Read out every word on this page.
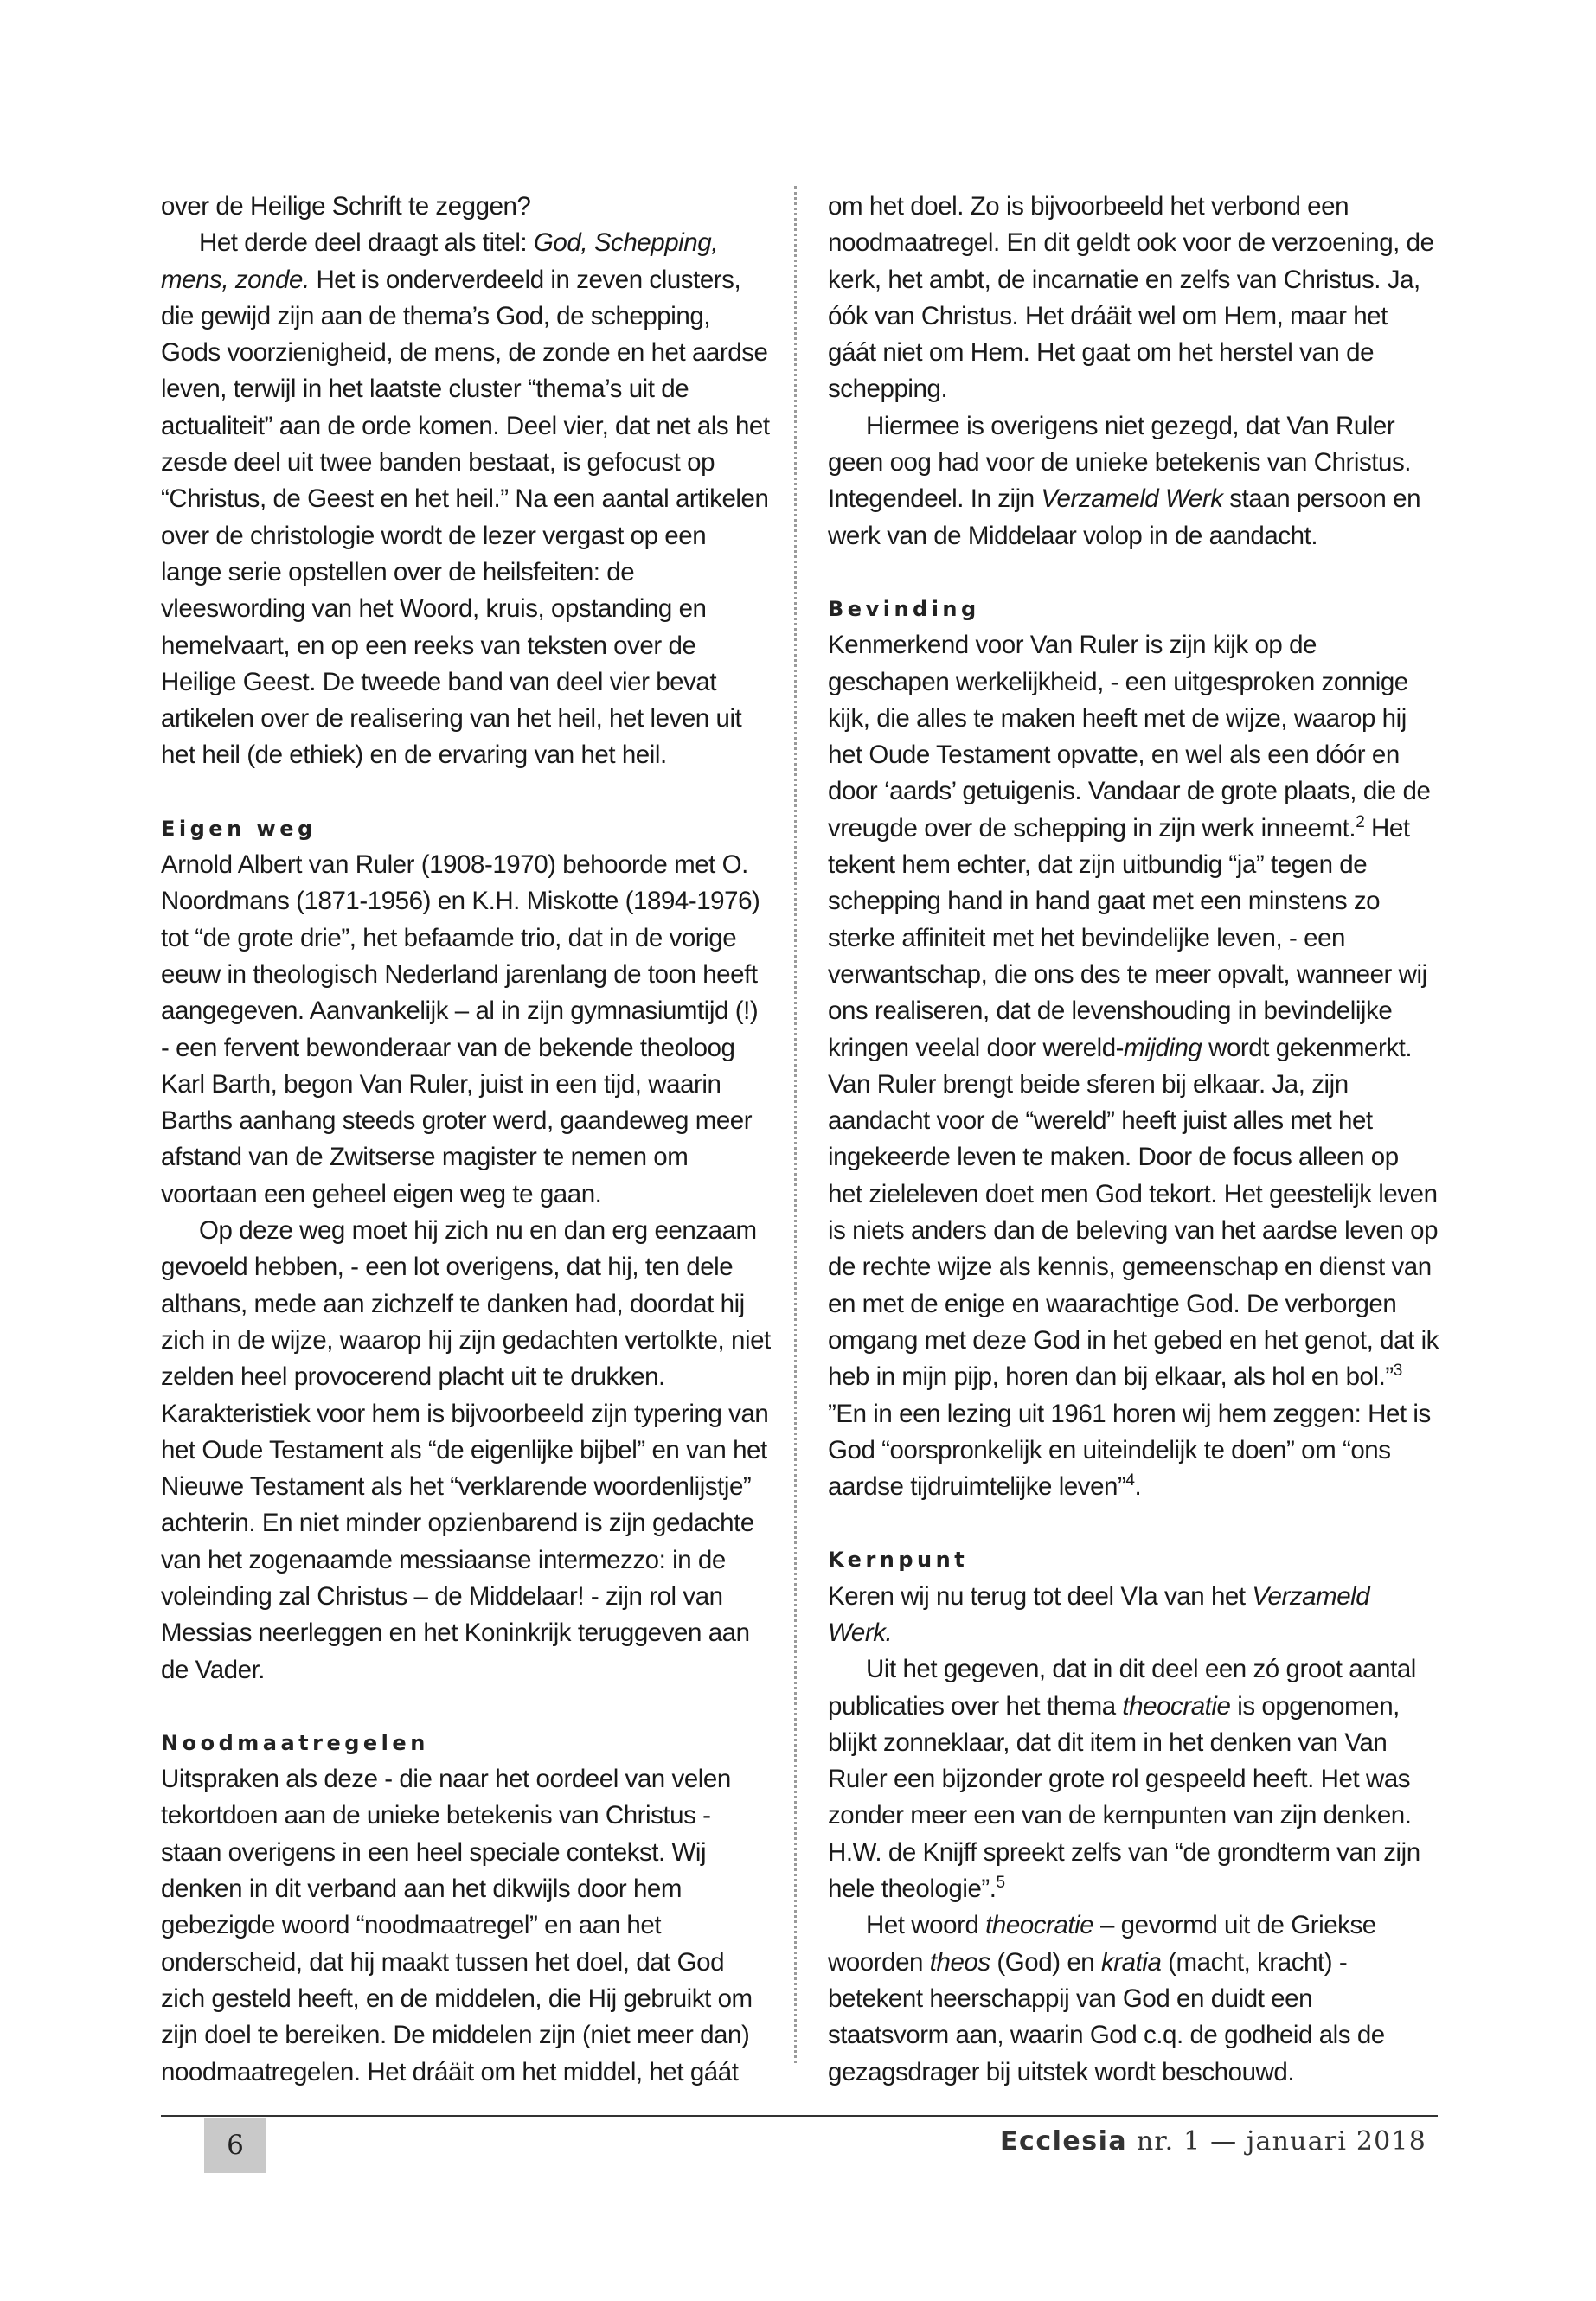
over de Heilige Schrift te zeggen?

Het derde deel draagt als titel: God, Schepping, mens, zonde. Het is onderverdeeld in zeven clusters, die gewijd zijn aan de thema’s God, de schepping, Gods voorzienigheid, de mens, de zonde en het aardse leven, terwijl in het laatste cluster “thema’s uit de actualiteit” aan de orde komen. Deel vier, dat net als het zesde deel uit twee banden bestaat, is gefocust op “Christus, de Geest en het heil.” Na een aantal artikelen over de christologie wordt de lezer vergast op een lange serie opstellen over de heilsfeiten: de vleeswording van het Woord, kruis, opstanding en hemelvaart, en op een reeks van teksten over de Heilige Geest. De tweede band van deel vier bevat artikelen over de realisering van het heil, het leven uit het heil (de ethiek) en de ervaring van het heil.

Eigen weg

Arnold Albert van Ruler (1908-1970) behoorde met O. Noordmans (1871-1956) en K.H. Miskotte (1894-1976) tot “de grote drie”, het befaamde trio, dat in de vorige eeuw in theologisch Nederland jarenlang de toon heeft aangegeven. Aanvankelijk – al in zijn gymnasiumtijd (!) - een fervent bewonderaar van de bekende theoloog Karl Barth, begon Van Ruler, juist in een tijd, waarin Barths aanhang steeds groter werd, gaandeweg meer afstand van de Zwitserse magister te nemen om voortaan een geheel eigen weg te gaan.

Op deze weg moet hij zich nu en dan erg eenzaam gevoeld hebben, - een lot overigens, dat hij, ten dele althans, mede aan zichzelf te danken had, doordat hij zich in de wijze, waarop hij zijn gedachten vertolkte, niet zelden heel provocerend placht uit te drukken. Karakteristiek voor hem is bijvoorbeeld zijn typering van het Oude Testament als “de eigenlijke bijbel” en van het Nieuwe Testament als het “verklarende woordenlijstje” achterin. En niet minder opzienbarend is zijn gedachte van het zogenaamde messiaanse intermezzo: in de voleinding zal Christus – de Middelaar! - zijn rol van Messias neerleggen en het Koninkrijk teruggeven aan de Vader.

Noodmaatregelen

Uitspraken als deze - die naar het oordeel van velen tekortdoen aan de unieke betekenis van Christus - staan overigens in een heel speciale contekst. Wij denken in dit verband aan het dikwijls door hem gebezigde woord “noodmaatregel” en aan het onderscheid, dat hij maakt tussen het doel, dat God zich gesteld heeft, en de middelen, die Hij gebruikt om zijn doel te bereiken. De middelen zijn (niet meer dan) noodmaatregelen. Het dráäit om het middel, het gáát

om het doel. Zo is bijvoorbeeld het verbond een noodmaatregel. En dit geldt ook voor de verzoening, de kerk, het ambt, de incarnatie en zelfs van Christus. Ja, óók van Christus. Het dráäit wel om Hem, maar het gáát niet om Hem. Het gaat om het herstel van de schepping.

Hiermee is overigens niet gezegd, dat Van Ruler geen oog had voor de unieke betekenis van Christus. Integendeel. In zijn Verzameld Werk staan persoon en werk van de Middelaar volop in de aandacht.

Bevinding

Kenmerkend voor Van Ruler is zijn kijk op de geschapen werkelijkheid, - een uitgesproken zonnige kijk, die alles te maken heeft met de wijze, waarop hij het Oude Testament opvatte, en wel als een dóór en door ‘aards’ getuigenis. Vandaar de grote plaats, die de vreugde over de schepping in zijn werk inneemt.$^2$ Het tekent hem echter, dat zijn uitbundig “ja” tegen de schepping hand in hand gaat met een minstens zo sterke affiniteit met het bevindelijke leven, - een verwantschap, die ons des te meer opvalt, wanneer wij ons realiseren, dat de levenshouding in bevindelijke kringen veelal door wereld-mijding wordt gekenmerkt. Van Ruler brengt beide sferen bij elkaar. Ja, zijn aandacht voor de “wereld” heeft juist alles met het ingekeerde leven te maken. Door de focus alleen op het zieleleven doet men God tekort. Het geestelijk leven is niets anders dan de beleving van het aardse leven op de rechte wijze als kennis, gemeenschap en dienst van en met de enige en waarachtige God. De verborgen omgang met deze God in het gebed en het genot, dat ik heb in mijn pijp, horen dan bij elkaar, als hol en bol.”$^3$ ”En in een lezing uit 1961 horen wij hem zeggen: Het is God “oorspronkelijk en uiteindelijk te doen” om “ons aardse tijdruimtelijke leven”$^4$.

Kernpunt

Keren wij nu terug tot deel VIa van het Verzameld Werk.

Uit het gegeven, dat in dit deel een zó groot aantal publicaties over het thema theocratie is opgenomen, blijkt zonneklaar, dat dit item in het denken van Van Ruler een bijzonder grote rol gespeeld heeft. Het was zonder meer een van de kernpunten van zijn denken. H.W. de Knijff spreekt zelfs van “de grondterm van zijn hele theologie”.$^5$

Het woord theocratie – gevormd uit de Griekse woorden theos (God) en kratia (macht, kracht) - betekent heerschappij van God en duidt een staatsvorm aan, waarin God c.q. de godheid als de gezagsdrager bij uitstek wordt beschouwd.

6	Ecclesia nr. 1 — januari 2018
